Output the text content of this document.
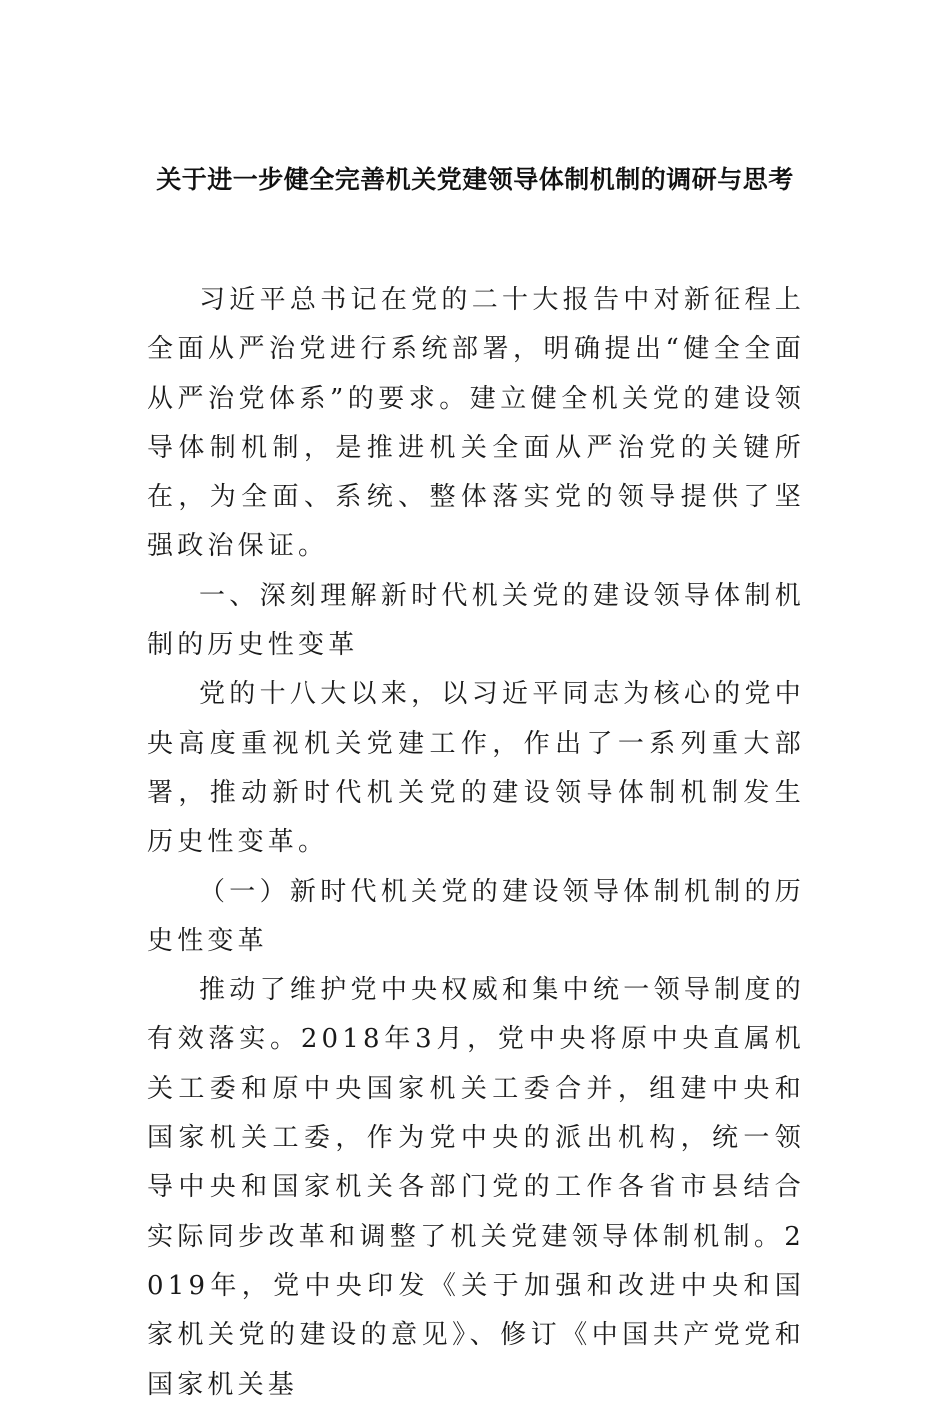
关于进一步健全完善机关党建领导体制机制的调研与思考

习近平总书记在党的二十大报告中对新征程上全面从严治党进行系统部署，明确提出“健全全面从严治党体系”的要求。建立健全机关党的建设领导体制机制，是推进机关全面从严治党的关键所在，为全面、系统、整体落实党的领导提供了坚强政治保证。

一、深刻理解新时代机关党的建设领导体制机制的历史性变革

党的十八大以来，以习近平同志为核心的党中央高度重视机关党建工作，作出了一系列重大部署，推动新时代机关党的建设领导体制机制发生历史性变革。

（一）新时代机关党的建设领导体制机制的历史性变革

推动了维护党中央权威和集中统一领导制度的有效落实。2018年3月，党中央将原中央直属机关工委和原中央国家机关工委合并，组建中央和国家机关工委，作为党中央的派出机构，统一领导中央和国家机关各部门党的工作各省市县结合实际同步改革和调整了机关党建领导体制机制。2019年，党中央印发《关于加强和改进中央和国家机关党的建设的意见》、修订《中国共产党党和国家机关基
